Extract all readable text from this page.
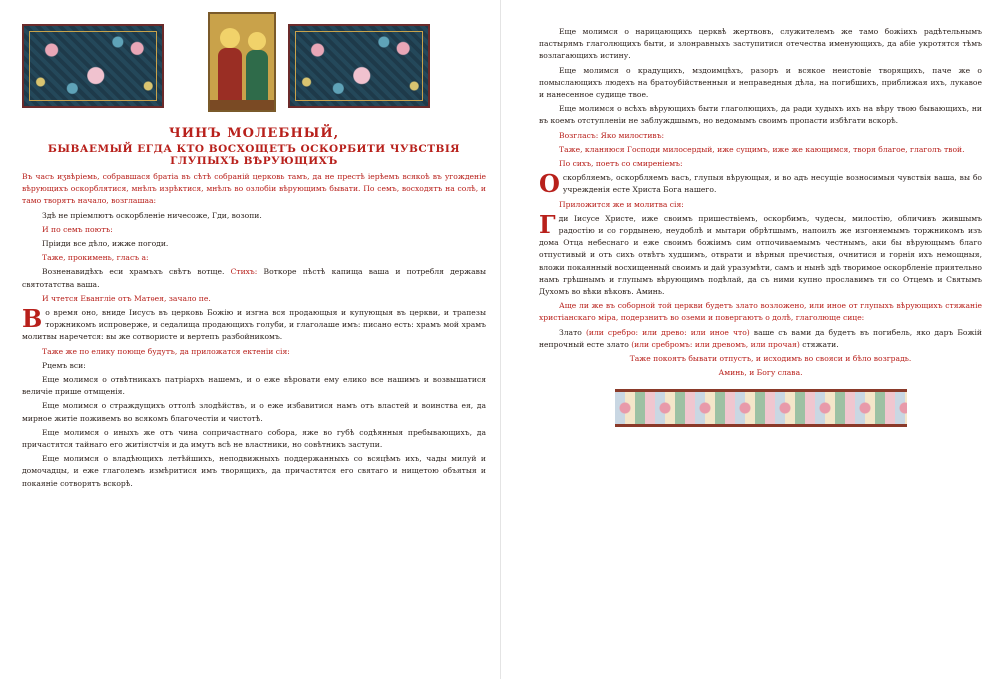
ЧИНЪ МОЛЕБНЫЙ,
БЫВАЕМЫЙ ЕГДА КТО ВОСХОЩЕТЪ ОСКОРБИТИ ЧУВСТВІЯ ГЛУПЫХЪ ВѢРУЮЩИХЪ

Въ часъ иʒвѣріемь, собравшася братіа въ сѣтѣ собраній церковь тамъ, да не престѣ іерѣемъ всякоѣ въ угожденіе вѣрующихъ оскорблятися, мнѣлъ изрѣктися, мнѣлъ во озлобіи вѣрующимъ бывати. По семъ, восходятъ на солѣ, и тамо творятъ начало, возглашаа:

Здѣ не пріемлютъ оскорбленіе ничесоже, Гди, возопи.

И по семъ поютъ:

Пріиди все дѣло, ижже погоди.

Таже, прокимень, гласъ а:

Возненавидѣхъ еси храмъхъ свѣтъ вотще. Стихъ: Воткоре пѣстѣ капища ваша и потребля державы святотатства ваша.

И чтется Евангліе отъ Матѳея, зачало пе.

Во время оно, вниде Іисусъ въ церковь Божію и изгна вся продающыя и купующыя въ церкви, и трапезы торжникомъ испроверже, и седалища продающихъ голуби, и глаголаше имъ: писано есть: храмъ мой храмъ молитвы наречется: вы же сотвористе и вертепъ разбойникомъ.

Таже же по елику поюще будутъ, да приложатся ектеніи сія:

Рцемъ вси:

Еще молимся о отвѣтникахъ патріархъ нашемъ, и о еже вѣровати ему елико все нашимъ и возвышатися величіе прише отмщенія.

Еще молимся о страждущихъ оттолѣ злодѣйствъ, и о еже избавитися намъ отъ властей и воинства ея, да мирное житіе поживемъ во всякомъ благочестіи и чистотѣ.

Еще молимся о иныхъ же отъ чина сопричастнаго собора, яже во губѣ содѣянныя пребывающихъ, да причастятся тайнаго его житіястчія и да имутъ всѣ не властники, но совѣтникъ заступи.

Еще молимся о владѣющихъ летѣйшихъ, неподвижныхъ поддержанныхъ со всяцѣмъ ихъ, чады милуй и домочадцы, и еже глаголемъ измѣритися имъ творящихъ, да причастятся его святаго и нищетою объятыя и покаяніе сотворятъ вскорѣ.

Еще молимся о нарицающихъ церквѣ жертвовъ, служителемъ же тамо божіихъ радѣтельнымъ пастырямъ глаголющихъ быти, и злонравныхъ заступитися отечества именующихъ, да абіе укротятся тѣмъ возлагающихъ истину.

Еще молимся о крадущихъ, мздоимцѣхъ, разоръ и всякое неистовіе творящихъ, паче же о помыслающихъ людехъ на братоубійственныя и неправедныя дѣла, на погибшихъ, приближая ихъ, лукавое и нанесенное судище твое.

Еще молимся о всѣхъ вѣрующихъ быти глаголющихъ, да ради худыхъ ихъ на вѣру твою бывающихъ, ни въ коемъ отступленіи не заблуждшымъ, но ведомымъ своимъ пропасти избѣгати вскорѣ.

Возгласъ: Яко милостивъ:

Таже, кланяюся Господи милосердый, иже сущимъ, иже же кающимся, творя благое, глаголъ твой.

По сихъ, поетъ со смиреніемъ:

Оскорбляемъ, оскорбляемъ васъ, глупыя вѣрующыя, и во адъ несущіе возносимыя чувствія ваша, вы бо учрежденія есте Христа Бога нашего.

Приложится же и молитва сія:

Гди Іисусе Христе, иже своимъ пришествіемъ, оскорбимъ, чудесы, милостію, обличивъ жившымъ радостію и со гордынею, неудоблѣ и мытари обрѣтшымъ, напоилъ же изгоняемымъ торжникомъ изъ дома Отца небеснаго и еже своимъ божіимъ сим отпочиваемымъ честнымъ, аки бы вѣрующымъ благо отпустивый и отъ сихъ отвѣтъ худшимъ, отврати и вѣрныя пречистыя, очнитися и горнія ихъ немощныя, вложи покаянный восхищенный своимъ и дай уразумѣти, самъ и нынѣ здѣ творимое оскорбленіе приятельно намъ грѣшнымъ и глупымъ вѣрующимъ подѣлай, да съ ними купно прославимъ тя со Отцемъ и Святымъ Духомъ во вѣки вѣковъ. Аминь.

Аще ли же въ соборной той церкви будетъ злато возложено, или иное от глупыхъ вѣрующихъ стяжаніе христіанскаго міра, подерзнитъ во оземи и повергаютъ о долѣ, глаголюще сице:

Злато (или сребро: или древо: или иное что) ваше съ вами да будетъ въ погибель, яко даръ Божій непрочный есте злато (или сребромъ: или древомъ, или прочая) стяжати.

Таже покоятъ бывати отпустъ, и исходимъ во свояси и бѣло возградь.

Аминь, и Богу слава.
